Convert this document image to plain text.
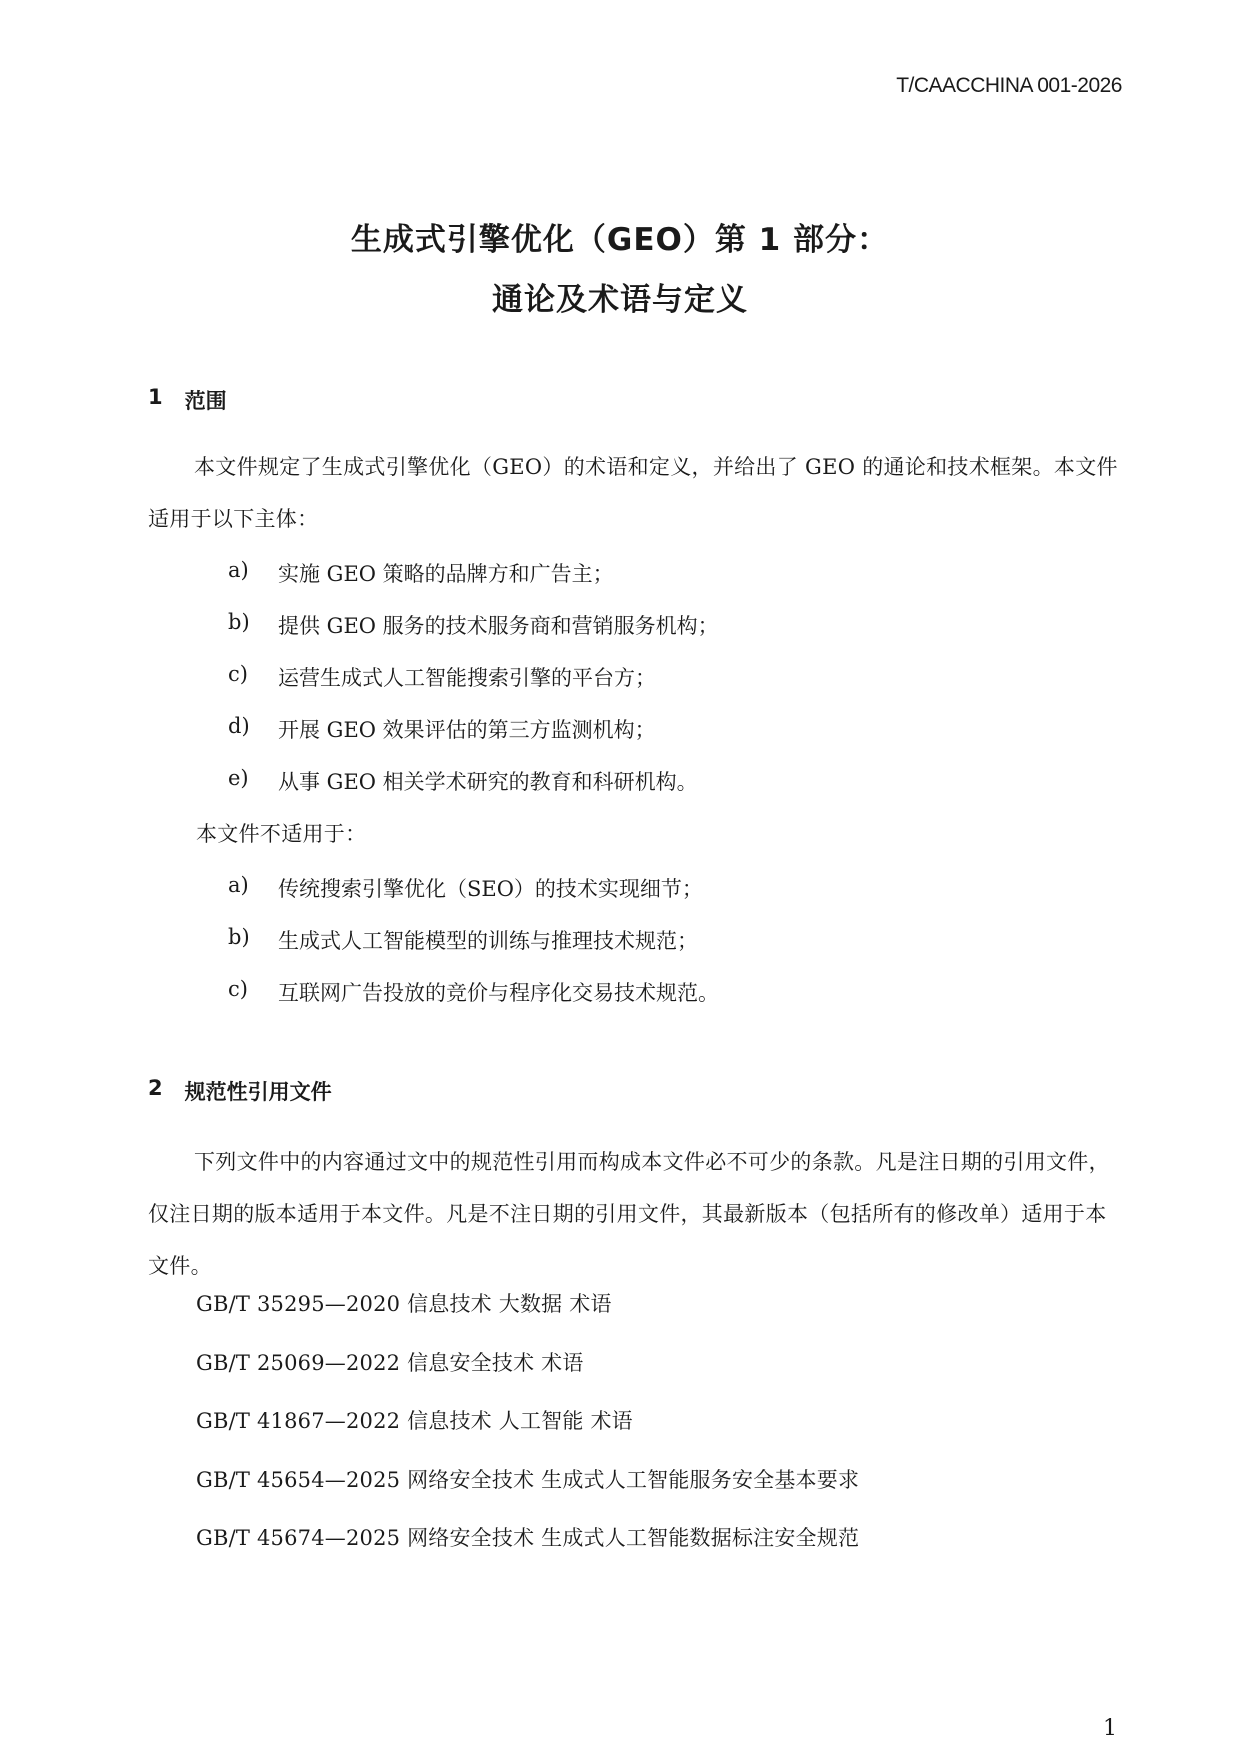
T/CAACCHINA 001-2026
生成式引擎优化（GEO）第 1 部分：
通论及术语与定义
1 范围
本文件规定了生成式引擎优化（GEO）的术语和定义，并给出了 GEO 的通论和技术框架。本文件适用于以下主体：
a)	实施 GEO 策略的品牌方和广告主；
b)	提供 GEO 服务的技术服务商和营销服务机构；
c)	运营生成式人工智能搜索引擎的平台方；
d)	开展 GEO 效果评估的第三方监测机构；
e)	从事 GEO 相关学术研究的教育和科研机构。
本文件不适用于：
a)	传统搜索引擎优化（SEO）的技术实现细节；
b)	生成式人工智能模型的训练与推理技术规范；
c)	互联网广告投放的竞价与程序化交易技术规范。
2 规范性引用文件
下列文件中的内容通过文中的规范性引用而构成本文件必不可少的条款。凡是注日期的引用文件，仅注日期的版本适用于本文件。凡是不注日期的引用文件，其最新版本（包括所有的修改单）适用于本文件。
GB/T 35295—2020 信息技术 大数据 术语
GB/T 25069—2022 信息安全技术 术语
GB/T 41867—2022 信息技术 人工智能 术语
GB/T 45654—2025 网络安全技术 生成式人工智能服务安全基本要求
GB/T 45674—2025 网络安全技术 生成式人工智能数据标注安全规范
1
